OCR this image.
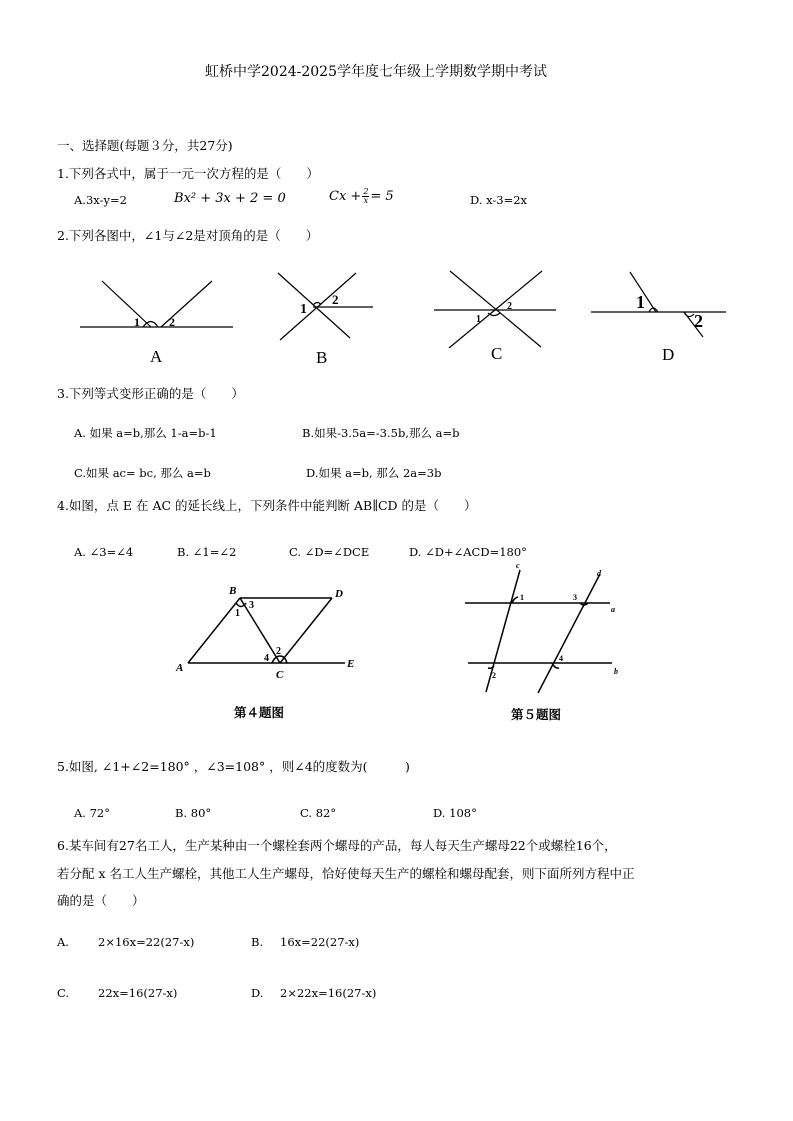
虹桥中学2024-2025学年度七年级上学期数学期中考试
一、选择题(每题３分，共27分)
1.下列各式中，属于一元一次方程的是（　　）
A.3x-y=2	Bx² + 3x + 2 = 0	$Cx + \frac{2}{x} = 5$	D. x-3=2x
2.下列各图中，∠1与∠2是对顶角的是（　　）
1 2
A
1
2
B
1
2
C
1
2
D
3.下列等式变形正确的是（　　）
A. 如果 a=b,那么 1-a=b-1	B.如果-3.5a=-3.5b,那么 a=b
C.如果 ac= bc, 那么 a=b	D.如果 a=b, 那么 2a=3b
4.如图，点 E 在 AC 的延长线上，下列条件中能判断 AB∥CD 的是（　　）
A. ∠3=∠4	B. ∠1=∠2	C. ∠D=∠DCE	D. ∠D+∠ACD=180°
B	D
A
C
E
1
2
3
4
c
d
a
b
1
2
3
4
第４题图	第５题图
5.如图, ∠1+∠2=180° ，∠3=108° ，则∠4的度数为(　　　)
A. 72°	B. 80°	C. 82°	D. 108°
6.某车间有27名工人，生产某种由一个螺栓套两个螺母的产品，每人每天生产螺母22个或螺栓16个，
若分配 x 名工人生产螺栓，其他工人生产螺母，恰好使每天生产的螺栓和螺母配套，则下面所列方程中正
确的是（　　）
A.	2×16x=22(27-x)	B. 16x=22(27-x)
C.	22x=16(27-x)	D. 2×22x=16(27-x)
